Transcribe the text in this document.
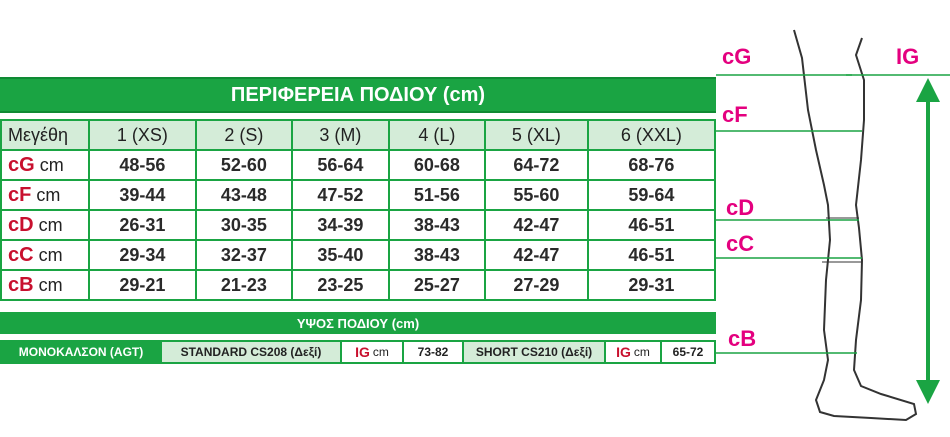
ΠΕΡΙΦΕΡΕΙΑ ΠΟΔΙΟΥ (cm)
Μεγέθη	1 (XS)	2 (S)	3 (M)	4 (L)	5 (XL)	6 (XXL)
cG cm	48-56	52-60	56-64	60-68	64-72	68-76
cF cm	39-44	43-48	47-52	51-56	55-60	59-64
cD cm	26-31	30-35	34-39	38-43	42-47	46-51
cC cm	29-34	32-37	35-40	38-43	42-47	46-51
cB cm	29-21	21-23	23-25	25-27	27-29	29-31
ΥΨΟΣ ΠΟΔΙΟΥ (cm)
ΜΟΝΟΚΑΛΣΟΝ (AGT)	STANDARD CS208 (Δεξί)	IG cm	73-82	SHORT CS210 (Δεξί)	IG cm	65-72
cG
cF
cD
cC
cB
IG
